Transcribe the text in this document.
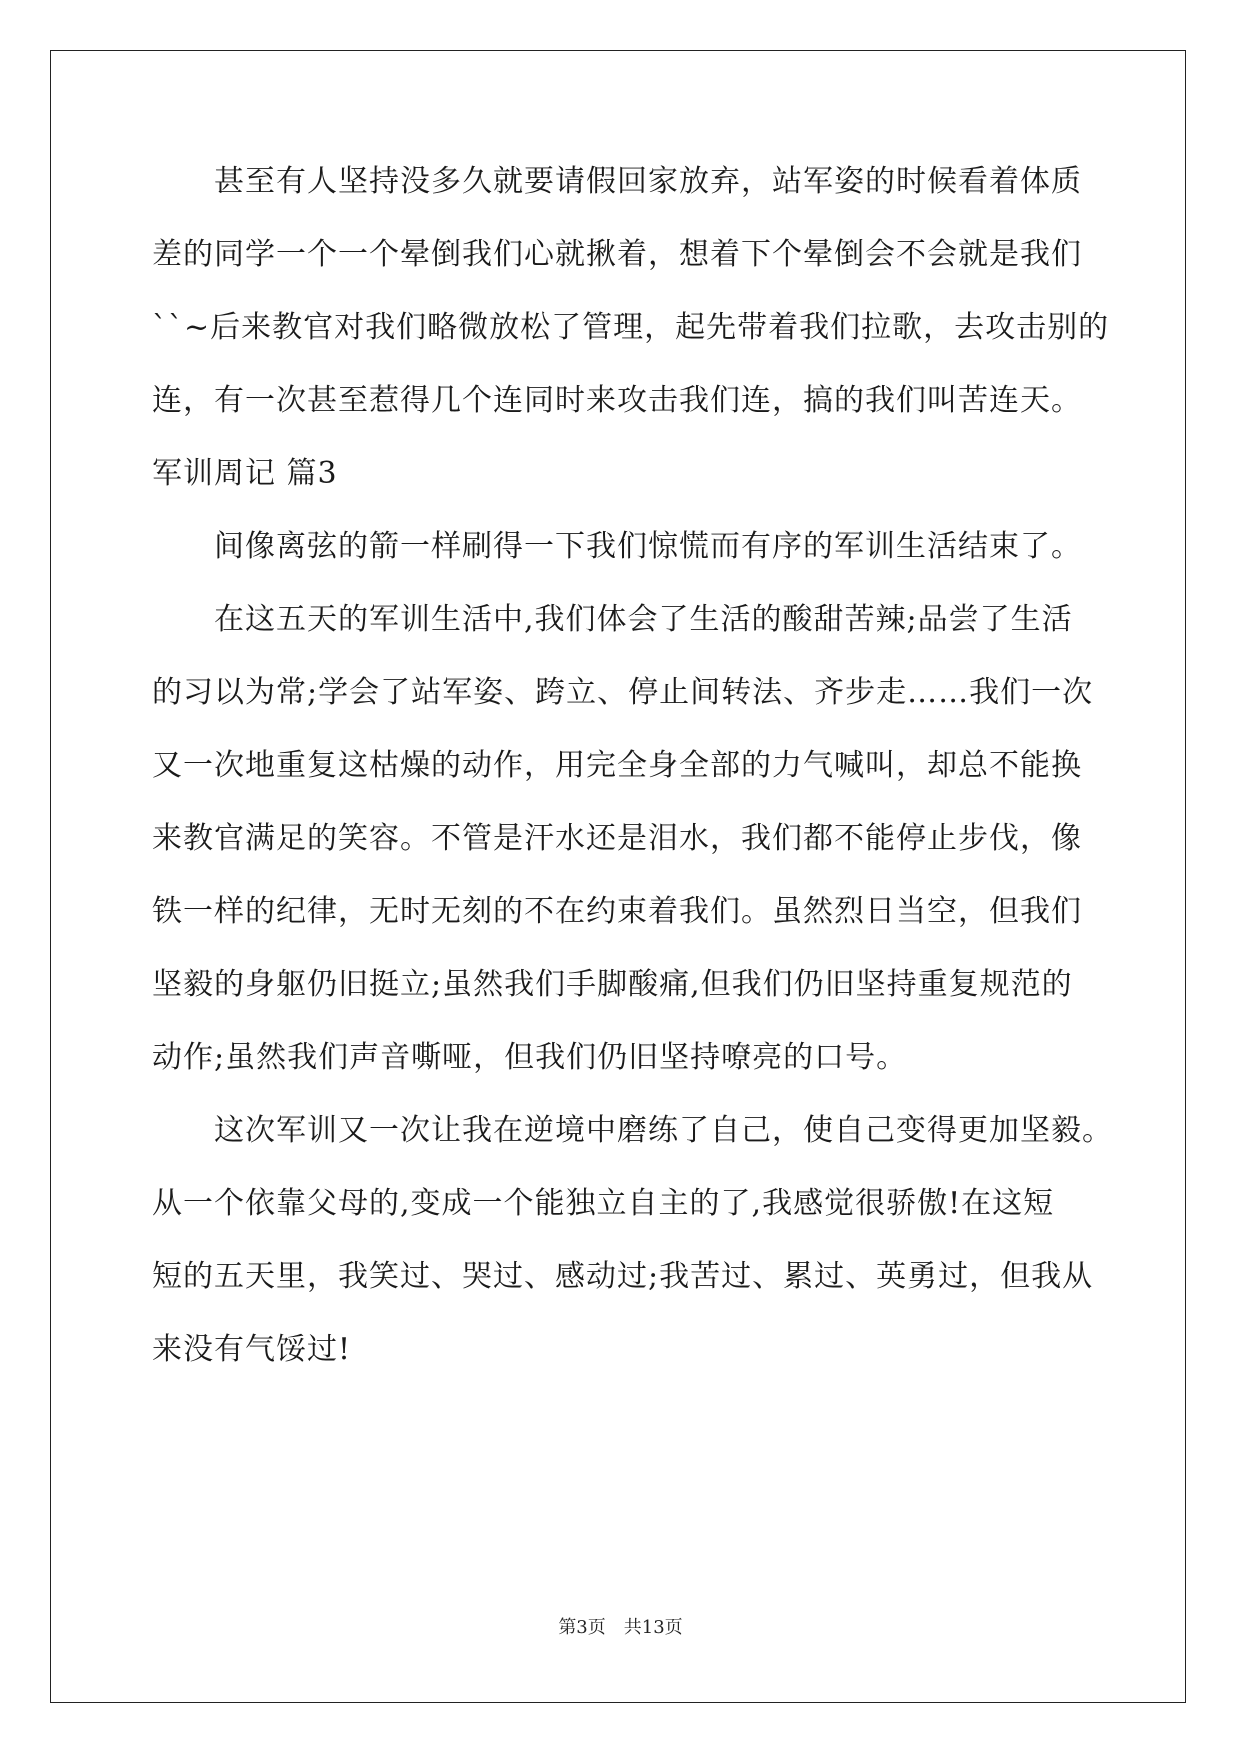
　　甚至有人坚持没多久就要请假回家放弃，站军姿的时候看着体质
差的同学一个一个晕倒我们心就揪着，想着下个晕倒会不会就是我们
``~后来教官对我们略微放松了管理，起先带着我们拉歌，去攻击别的
连，有一次甚至惹得几个连同时来攻击我们连，搞的我们叫苦连天。
军训周记 篇3
　　间像离弦的箭一样刷得一下我们惊慌而有序的军训生活结束了。
　　在这五天的军训生活中,我们体会了生活的酸甜苦辣;品尝了生活
的习以为常;学会了站军姿、跨立、停止间转法、齐步走……我们一次
又一次地重复这枯燥的动作，用完全身全部的力气喊叫，却总不能换
来教官满足的笑容。不管是汗水还是泪水，我们都不能停止步伐，像
铁一样的纪律，无时无刻的不在约束着我们。虽然烈日当空，但我们
坚毅的身躯仍旧挺立;虽然我们手脚酸痛,但我们仍旧坚持重复规范的
动作;虽然我们声音嘶哑，但我们仍旧坚持嘹亮的口号。
　　这次军训又一次让我在逆境中磨练了自己，使自己变得更加坚毅。
从一个依靠父母的,变成一个能独立自主的了,我感觉很骄傲!在这短
短的五天里，我笑过、哭过、感动过;我苦过、累过、英勇过，但我从
来没有气馁过!
第3页　共13页
